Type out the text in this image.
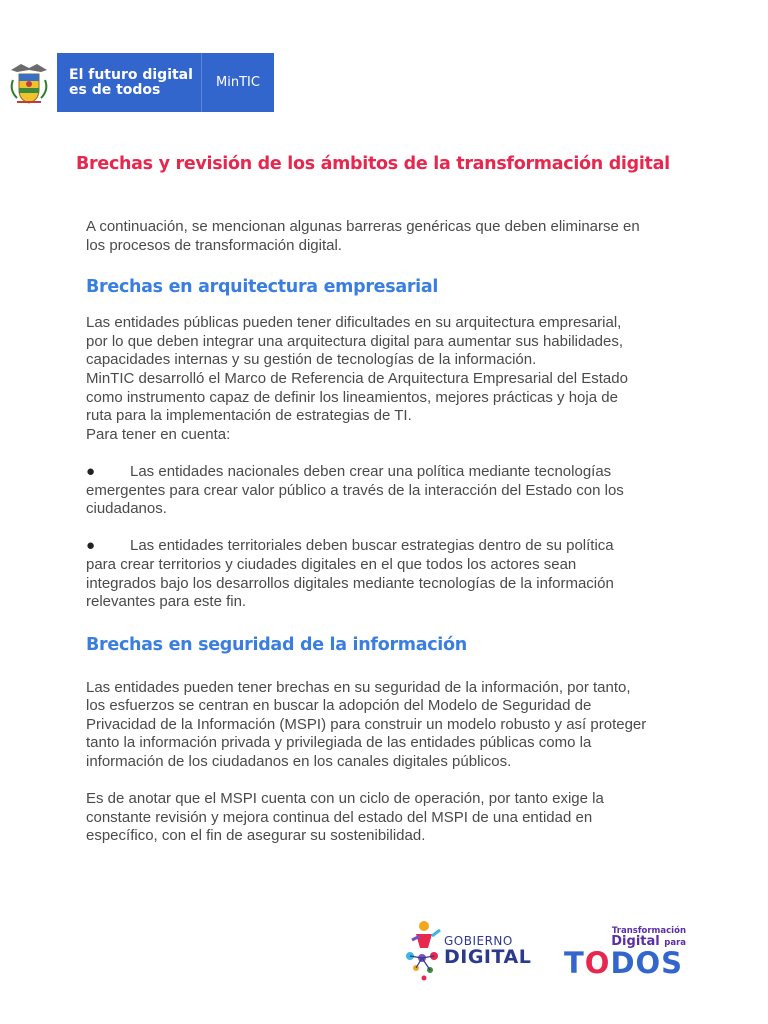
El futuro digital
es de todos	MinTIC
Brechas y revisión de los ámbitos de la transformación digital

A continuación, se mencionan algunas barreras genéricas que deben eliminarse en
los procesos de transformación digital.

Brechas en arquitectura empresarial

Las entidades públicas pueden tener dificultades en su arquitectura empresarial,
por lo que deben integrar una arquitectura digital para aumentar sus habilidades,
capacidades internas y su gestión de tecnologías de la información.
MinTIC desarrolló el Marco de Referencia de Arquitectura Empresarial del Estado
como instrumento capaz de definir los lineamientos, mejores prácticas y hoja de
ruta para la implementación de estrategias de TI.
Para tener en cuenta:

● Las entidades nacionales deben crear una política mediante tecnologías
emergentes para crear valor público a través de la interacción del Estado con los
ciudadanos.

● Las entidades territoriales deben buscar estrategias dentro de su política
para crear territorios y ciudades digitales en el que todos los actores sean
integrados bajo los desarrollos digitales mediante tecnologías de la información
relevantes para este fin.

Brechas en seguridad de la información

Las entidades pueden tener brechas en su seguridad de la información, por tanto,
los esfuerzos se centran en buscar la adopción del Modelo de Seguridad de
Privacidad de la Información (MSPI) para construir un modelo robusto y así proteger
tanto la información privada y privilegiada de las entidades públicas como la
información de los ciudadanos en los canales digitales públicos.

Es de anotar que el MSPI cuenta con un ciclo de operación, por tanto exige la
constante revisión y mejora continua del estado del MSPI de una entidad en
específico, con el fin de asegurar su sostenibilidad.

GOBIERNO
DIGITAL
Transformación
Digital para
TODOS
